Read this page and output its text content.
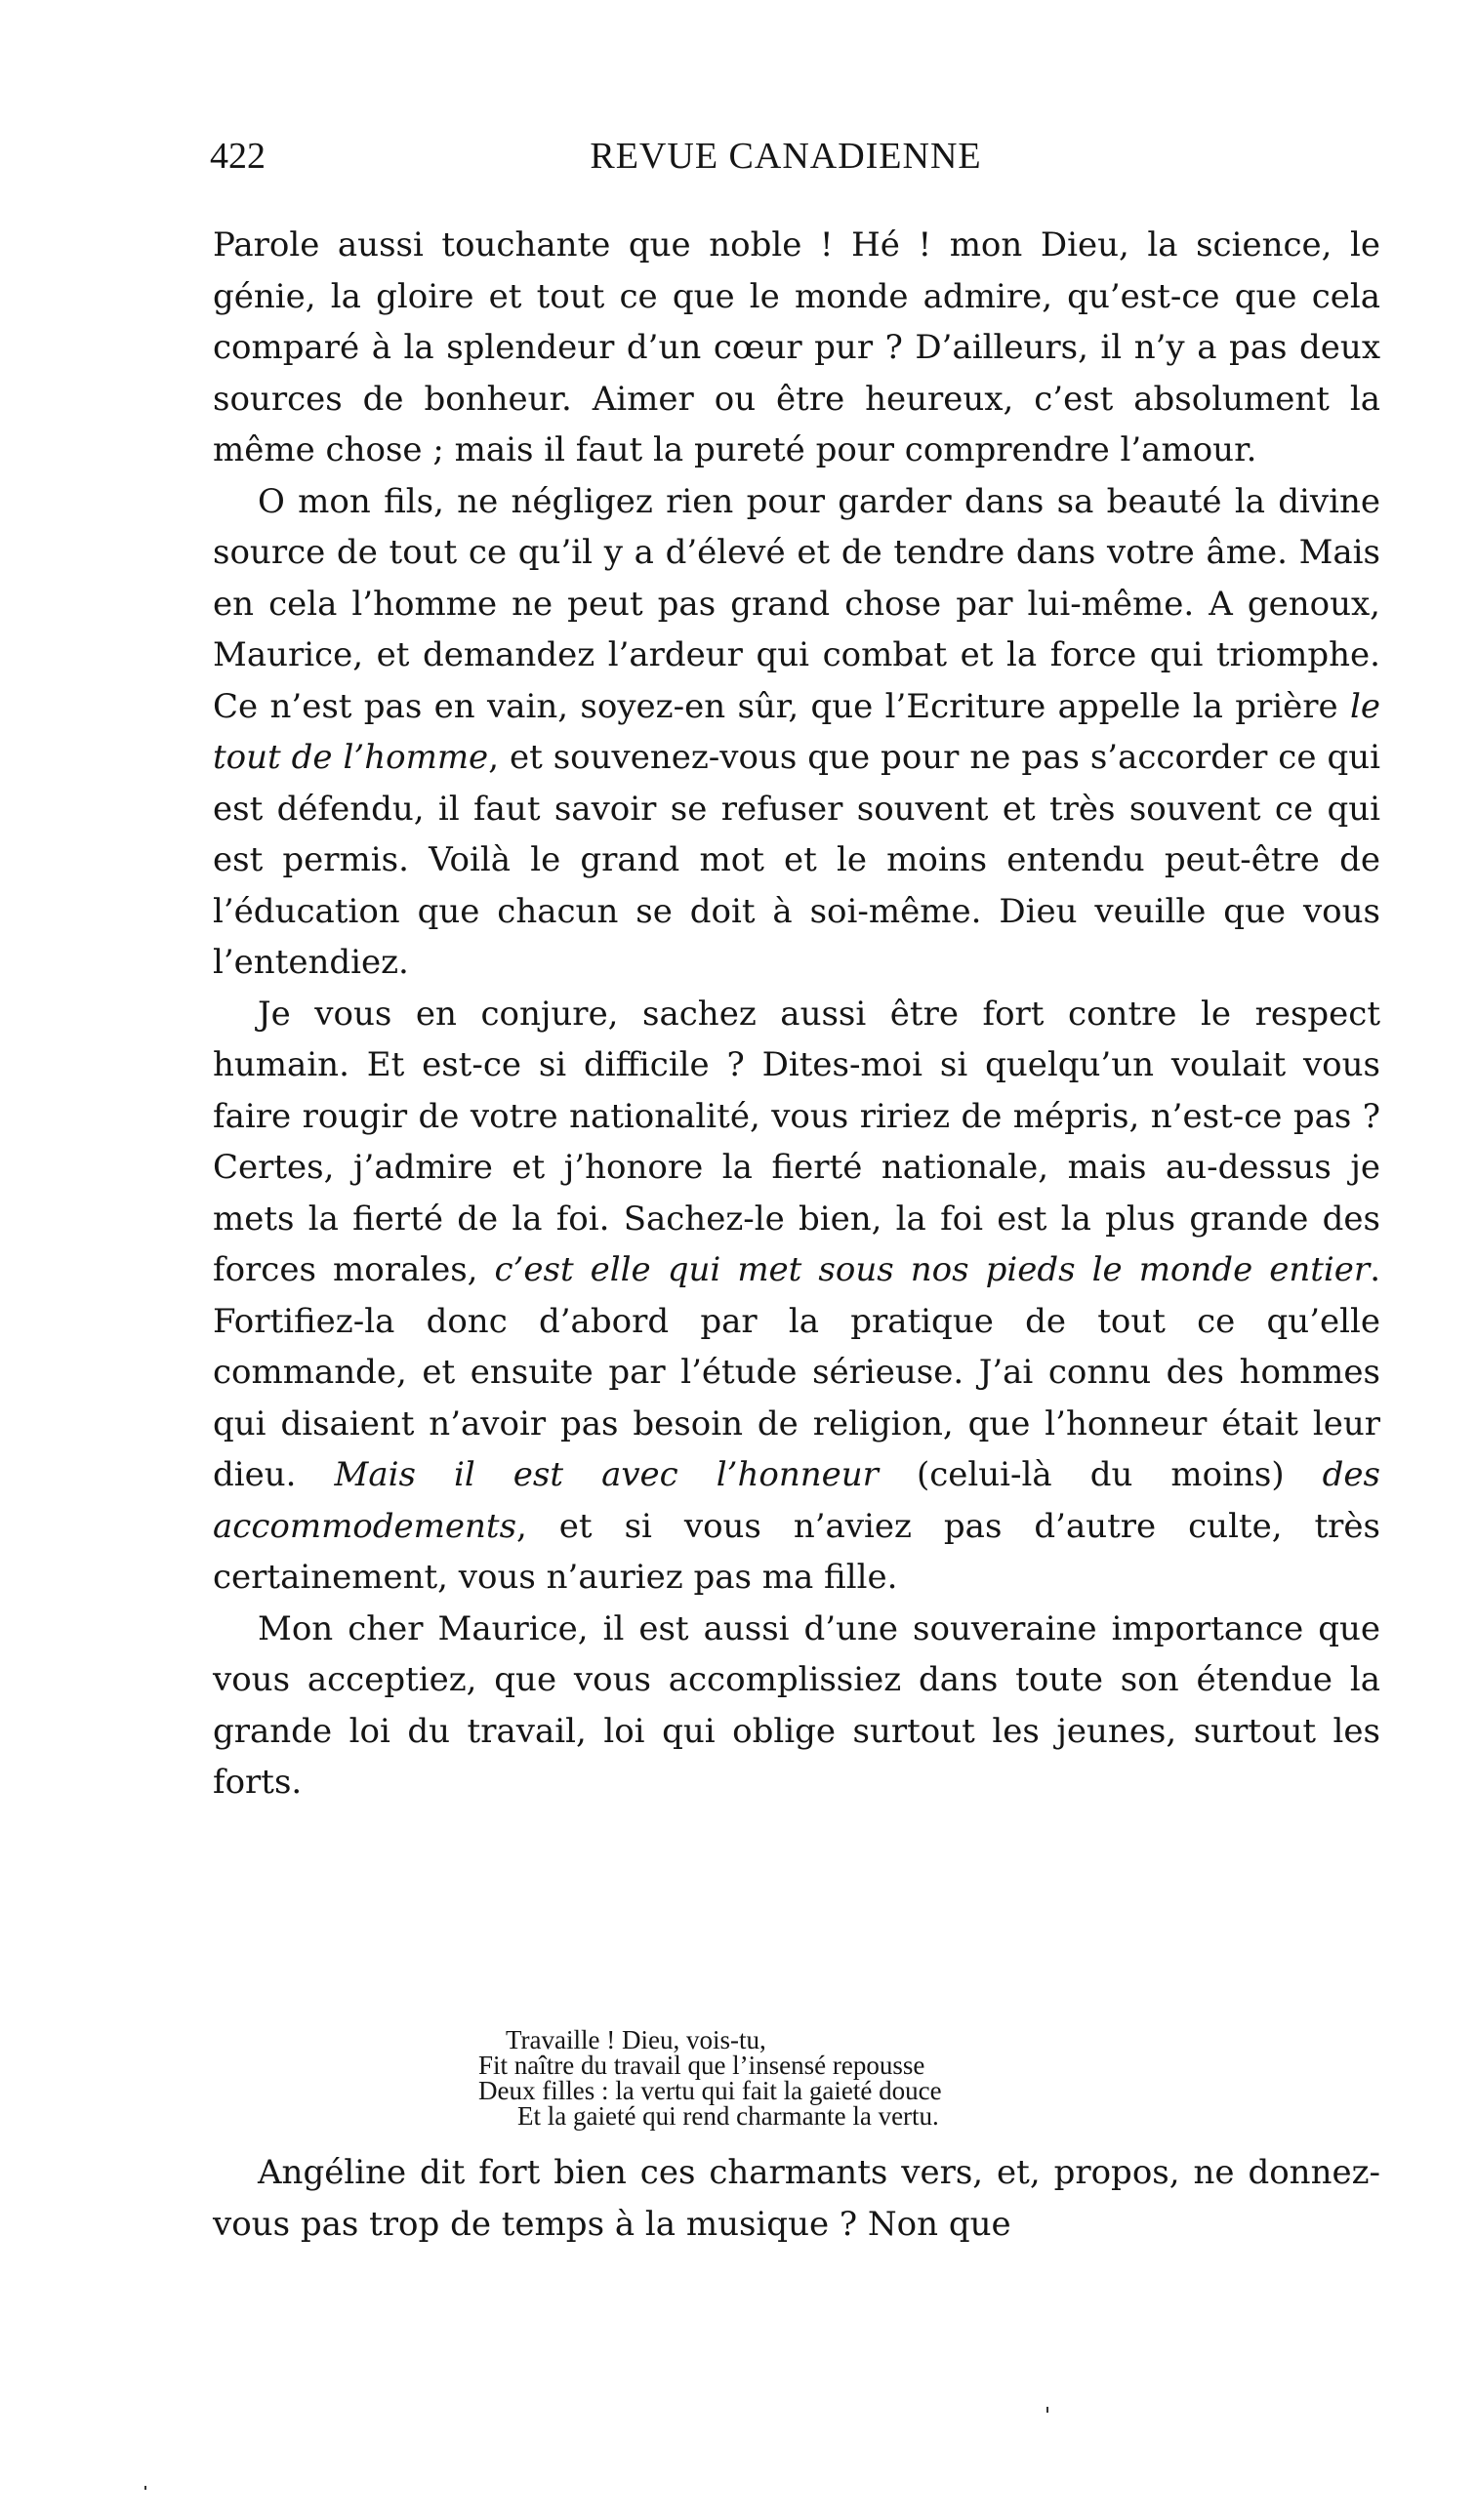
422	REVUE CANADIENNE

Parole aussi touchante que noble ! Hé ! mon Dieu, la science, le génie, la gloire et tout ce que le monde admire, qu’est-ce que cela comparé à la splendeur d’un cœur pur ? D’ailleurs, il n’y a pas deux sources de bonheur. Aimer ou être heureux, c’est absolument la même chose ; mais il faut la pureté pour comprendre l’amour.

O mon fils, ne négligez rien pour garder dans sa beauté la divine source de tout ce qu’il y a d’élevé et de tendre dans votre âme. Mais en cela l’homme ne peut pas grand chose par lui-même. A genoux, Maurice, et demandez l’ardeur qui combat et la force qui triomphe. Ce n’est pas en vain, soyez-en sûr, que l’Ecriture appelle la prière le tout de l’homme, et souvenez-vous que pour ne pas s’accorder ce qui est défendu, il faut savoir se refuser souvent et très souvent ce qui est permis. Voilà le grand mot et le moins entendu peut-être de l’éducation que chacun se doit à soi-même. Dieu veuille que vous l’entendiez.

Je vous en conjure, sachez aussi être fort contre le respect humain. Et est-ce si difficile ? Dites-moi si quelqu’un voulait vous faire rougir de votre nationalité, vous ririez de mépris, n’est-ce pas ? Certes, j’admire et j’honore la fierté nationale, mais au-dessus je mets la fierté de la foi. Sachez-le bien, la foi est la plus grande des forces morales, c’est elle qui met sous nos pieds le monde entier. Fortifiez-la donc d’abord par la pratique de tout ce qu’elle commande, et ensuite par l’étude sérieuse. J’ai connu des hommes qui disaient n’avoir pas besoin de religion, que l’honneur était leur dieu. Mais il est avec l’honneur (celui-là du moins) des accommodements, et si vous n’aviez pas d’autre culte, très certainement, vous n’auriez pas ma fille.

Mon cher Maurice, il est aussi d’une souveraine importance que vous acceptiez, que vous accomplissiez dans toute son étendue la grande loi du travail, loi qui oblige surtout les jeunes, surtout les forts.

Travaille ! Dieu, vois-tu,
Fit naître du travail que l’insensé repousse
Deux filles : la vertu qui fait la gaieté douce
Et la gaieté qui rend charmante la vertu.

Angéline dit fort bien ces charmants vers, et, propos, ne donnez-vous pas trop de temps à la musique ? Non que
